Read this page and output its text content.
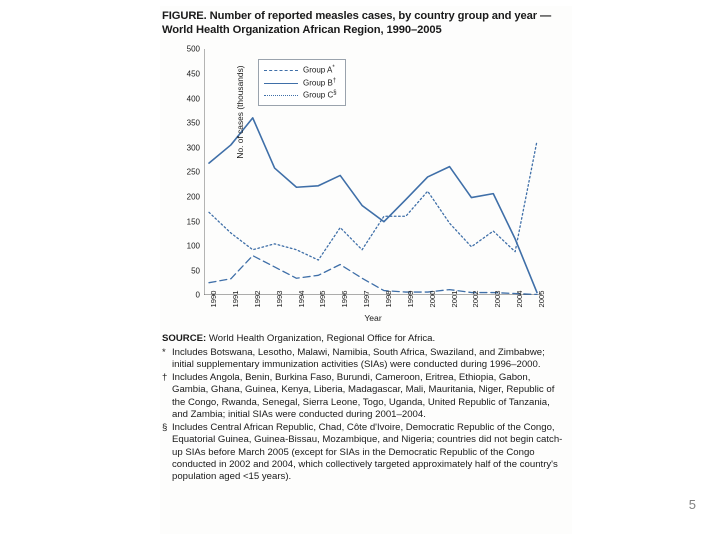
FIGURE. Number of reported measles cases, by country group and year — World Health Organization African Region, 1990–2005
No. of cases (thousands)
0
50
100
150
200
250
300
350
400
450
500
1990 1991 1992 1993 1994 1995 1996 1997 1998 1999 2000 2001 2002 2003 2004 2005
Group A*
Group B†
Group C§
Year

SOURCE: World Health Organization, Regional Office for Africa.

* Includes Botswana, Lesotho, Malawi, Namibia, South Africa, Swaziland, and Zimbabwe; initial supplementary immunization activities (SIAs) were conducted during 1996–2000.
† Includes Angola, Benin, Burkina Faso, Burundi, Cameroon, Eritrea, Ethiopia, Gabon, Gambia, Ghana, Guinea, Kenya, Liberia, Madagascar, Mali, Mauritania, Niger, Republic of the Congo, Rwanda, Senegal, Sierra Leone, Togo, Uganda, United Republic of Tanzania, and Zambia; initial SIAs were conducted during 2001–2004.
§ Includes Central African Republic, Chad, Côte d'Ivoire, Democratic Republic of the Congo, Equatorial Guinea, Guinea-Bissau, Mozambique, and Nigeria; countries did not begin catch-up SIAs before March 2005 (except for SIAs in the Democratic Republic of the Congo conducted in 2002 and 2004, which collectively targeted approximately half of the country's population aged <15 years).
5
